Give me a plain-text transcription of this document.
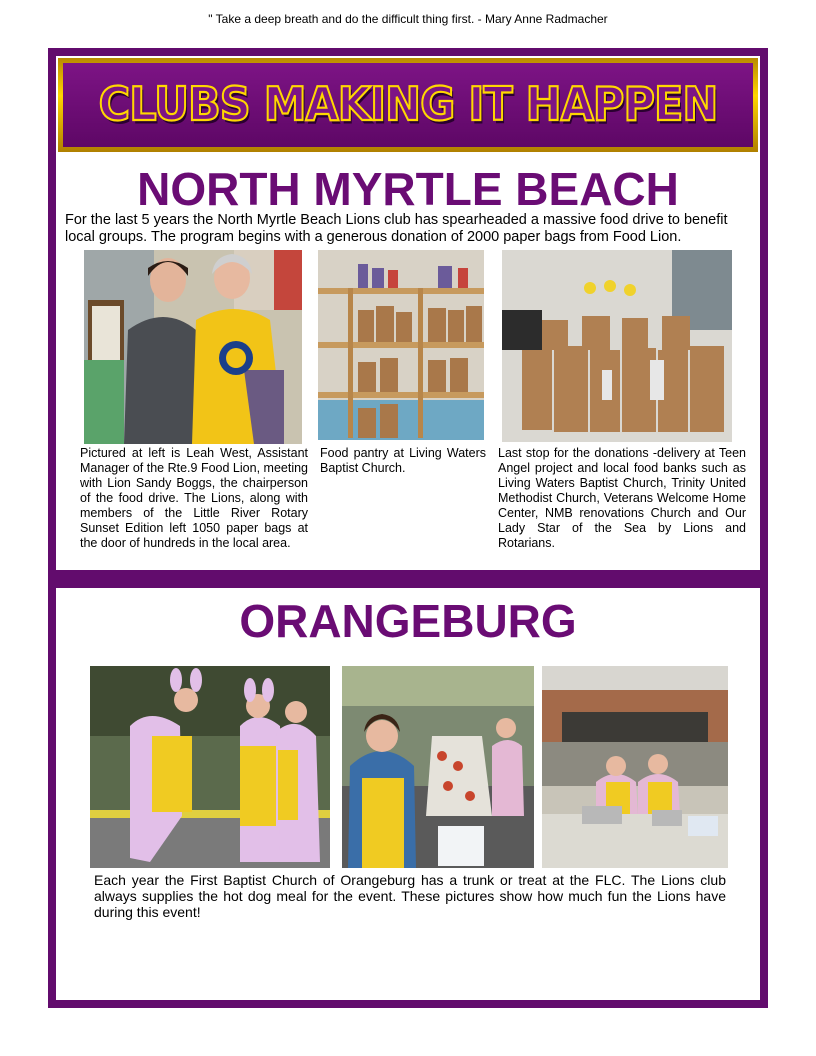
" Take a deep breath and do the difficult thing first. - Mary Anne Radmacher
CLUBS MAKING IT HAPPEN
NORTH MYRTLE BEACH
For the last 5 years the North Myrtle Beach Lions club has spearheaded a massive food drive to benefit local groups. The program begins with a generous donation of 2000 paper bags from Food Lion.
Pictured at left is Leah West, Assistant Manager of the Rte.9 Food Lion, meeting with Lion Sandy Boggs, the chairperson of the food drive. The Lions, along with members of the Little River Rotary Sunset Edition left 1050 paper bags at the door of hundreds in the local area.
Food pantry at Living Waters Baptist Church.
Last stop for the donations -delivery at Teen Angel project and local food banks such as Living Waters Baptist Church, Trinity United Methodist Church, Veterans Welcome Home Center, NMB renovations Church and Our Lady Star of the Sea by Lions and Rotarians.
ORANGEBURG
Each year the First Baptist Church of Orangeburg has a trunk or treat at the FLC. The Lions club always supplies the hot dog meal for the event. These pictures show how much fun the Lions have during this event!
